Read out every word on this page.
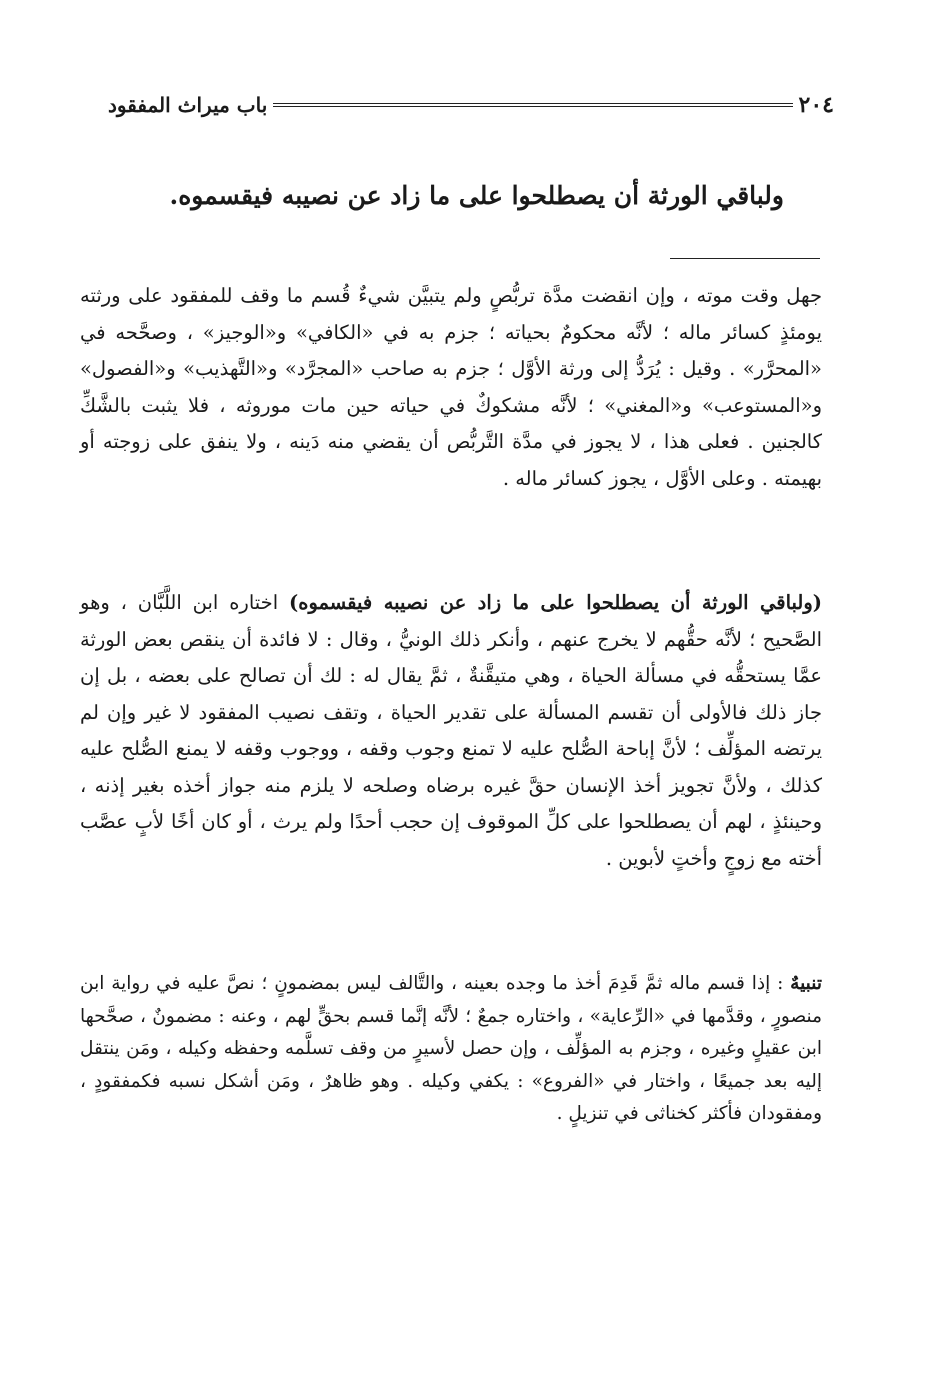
٢٠٤
باب ميراث المفقود
ولباقي الورثة أن يصطلحوا على ما زاد عن نصيبه فيقسموه.

جهل وقت موته ، وإن انقضت مدَّة تربُّصٍ ولم يتبيَّن شيءٌ قُسم ما وقف للمفقود على ورثته يومئذٍ كسائر ماله ؛ لأنَّه محكومٌ بحياته ؛ جزم به في «الكافي» و«الوجيز» ، وصحَّحه في «المحرَّر» . وقيل : يُرَدُّ إلى ورثة الأوَّل ؛ جزم به صاحب «المجرَّد» و«التَّهذيب» و«الفصول» و«المستوعب» و«المغني» ؛ لأنَّه مشكوكٌ في حياته حين مات موروثه ، فلا يثبت بالشَّكِّ كالجنين . فعلى هذا ، لا يجوز في مدَّة التَّربُّص أن يقضي منه دَينه ، ولا ينفق على زوجته أو بهيمته . وعلى الأوَّل ، يجوز كسائر ماله .

(ولباقي الورثة أن يصطلحوا على ما زاد عن نصيبه فيقسموه) اختاره ابن اللَّبَّان ، وهو الصَّحيح ؛ لأنَّه حقُّهم لا يخرج عنهم ، وأنكر ذلك الونيُّ ، وقال : لا فائدة أن ينقص بعض الورثة عمَّا يستحقُّه في مسألة الحياة ، وهي متيقَّنةٌ ، ثمَّ يقال له : لك أن تصالح على بعضه ، بل إن جاز ذلك فالأولى أن تقسم المسألة على تقدير الحياة ، وتقف نصيب المفقود لا غير وإن لم يرتضه المؤلِّف ؛ لأنَّ إباحة الصُّلح عليه لا تمنع وجوب وقفه ، ووجوب وقفه لا يمنع الصُّلح عليه كذلك ، ولأنَّ تجويز أخذ الإنسان حقَّ غيره برضاه وصلحه لا يلزم منه جواز أخذه بغير إذنه ، وحينئذٍ ، لهم أن يصطلحوا على كلِّ الموقوف إن حجب أحدًا ولم يرث ، أو كان أخًا لأبٍ عصَّب أخته مع زوجٍ وأختٍ لأبوين .

تنبيهٌ : إذا قسم ماله ثمَّ قَدِمَ أخذ ما وجده بعينه ، والتَّالف ليس بمضمونٍ ؛ نصَّ عليه في رواية ابن منصورٍ ، وقدَّمها في «الرِّعاية» ، واختاره جمعٌ ؛ لأنَّه إنَّما قسم بحقٍّ لهم ، وعنه : مضمونٌ ، صحَّحها ابن عقيلٍ وغيره ، وجزم به المؤلِّف ، وإن حصل لأسيرٍ من وقف تسلَّمه وحفظه وكيله ، ومَن ينتقل إليه بعد جميعًا ، واختار في «الفروع» : يكفي وكيله . وهو ظاهرٌ ، ومَن أشكل نسبه فكمفقودٍ ، ومفقودان فأكثر كخناثى في تنزيلٍ .
